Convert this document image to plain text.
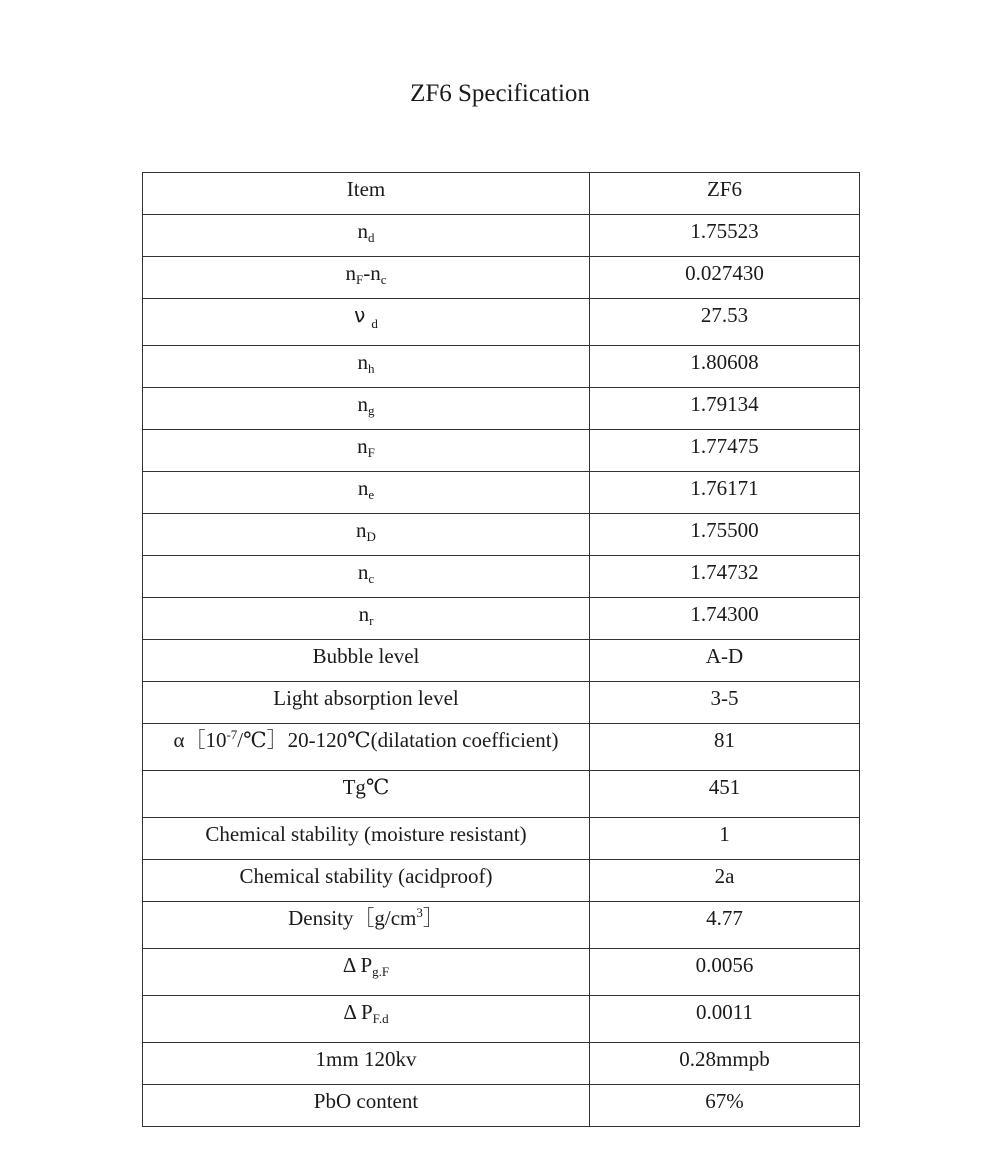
ZF6 Specification
Item	ZF6
$n_d$	1.75523
$n_F-n_c$	0.027430
ν $_d$	27.53
$n_h$	1.80608
$n_g$	1.79134
$n_F$	1.77475
$n_e$	1.76171
$n_D$	1.75500
$n_c$	1.74732
$n_r$	1.74300
Bubble level	A-D
Light absorption level	3-5
$\alpha[10^{-7}/℃]20-120℃(dilatation$ coefficient)	81
Tg℃	451
Chemical stability (moisture resistant)	1
Chemical stability (acidproof)	2a
$Density[g/cm^3]$	4.77
Δ $P_{g.F}$	0.0056
Δ $P_{F.d}$	0.0011
1mm 120kv	0.28mmpb
PbO content	67%
